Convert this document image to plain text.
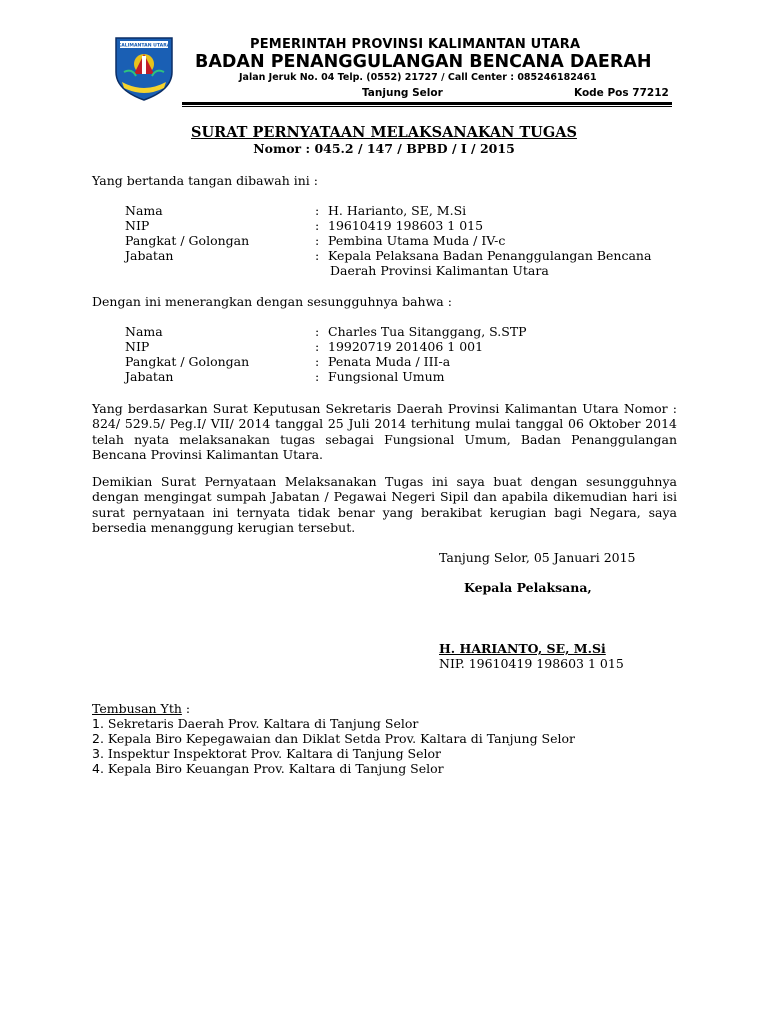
KALIMANTAN UTARA	PEMERINTAH PROVINSI KALIMANTAN UTARA
BADAN PENANGGULANGAN BENCANA DAERAH
Jalan Jeruk No. 04 Telp. (0552) 21727 / Call Center : 085246182461
Tanjung Selor	Kode Pos 77212
SURAT PERNYATAAN MELAKSANAKAN TUGAS
Nomor : 045.2 / 147 / BPBD / I / 2015
Yang bertanda tangan dibawah ini :
Nama	: H. Harianto, SE, M.Si
NIP	: 19610419 198603 1 015
Pangkat / Golongan	: Pembina Utama Muda / IV-c
Jabatan	: Kepala Pelaksana Badan Penanggulangan Bencana
Daerah Provinsi Kalimantan Utara
Dengan ini menerangkan dengan sesungguhnya bahwa :
Nama	: Charles Tua Sitanggang, S.STP
NIP	: 19920719 201406 1 001
Pangkat / Golongan	: Penata Muda / III-a
Jabatan	: Fungsional Umum
Yang berdasarkan Surat Keputusan Sekretaris Daerah Provinsi Kalimantan Utara Nomor : 824/ 529.5/ Peg.I/ VII/ 2014 tanggal 25 Juli 2014 terhitung mulai tanggal 06 Oktober 2014 telah nyata melaksanakan tugas sebagai Fungsional Umum, Badan Penanggulangan Bencana Provinsi Kalimantan Utara.
Demikian Surat Pernyataan Melaksanakan Tugas ini saya buat dengan sesungguhnya dengan mengingat sumpah Jabatan / Pegawai Negeri Sipil dan apabila dikemudian hari isi surat pernyataan ini ternyata tidak benar yang berakibat kerugian bagi Negara, saya bersedia menanggung kerugian tersebut.
Tanjung Selor, 05 Januari 2015
Kepala Pelaksana,
H. HARIANTO, SE, M.Si
NIP. 19610419 198603 1 015
Tembusan Yth :
1. Sekretaris Daerah Prov. Kaltara di Tanjung Selor
2. Kepala Biro Kepegawaian dan Diklat Setda Prov. Kaltara di Tanjung Selor
3. Inspektur Inspektorat Prov. Kaltara di Tanjung Selor
4. Kepala Biro Keuangan Prov. Kaltara di Tanjung Selor
